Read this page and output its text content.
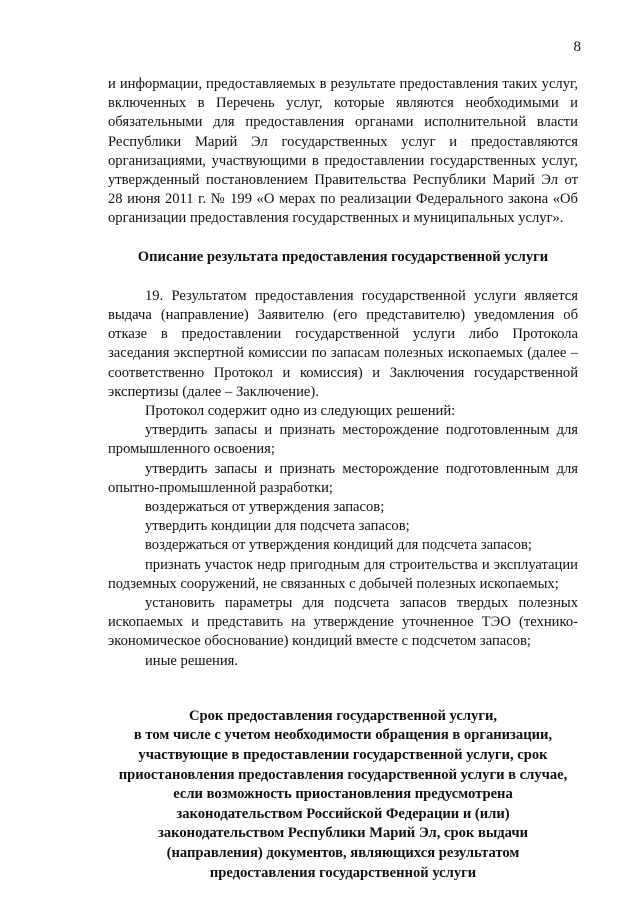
8

и информации, предоставляемых в результате предоставления таких услуг, включенных в Перечень услуг, которые являются необходимыми и обязательными для предоставления органами исполнительной власти Республики Марий Эл государственных услуг и предоставляются организациями, участвующими в предоставлении государственных услуг, утвержденный постановлением Правительства Республики Марий Эл от 28 июня 2011 г. № 199 «О мерах по реализации Федерального закона «Об организации предоставления государственных и муниципальных услуг».

Описание результата предоставления государственной услуги

19. Результатом предоставления государственной услуги является выдача (направление) Заявителю (его представителю) уведомления об отказе в предоставлении государственной услуги либо Протокола заседания экспертной комиссии по запасам полезных ископаемых (далее – соответственно Протокол и комиссия) и Заключения государственной экспертизы (далее – Заключение).

Протокол содержит одно из следующих решений:

утвердить запасы и признать месторождение подготовленным для промышленного освоения;

утвердить запасы и признать месторождение подготовленным для опытно-промышленной разработки;

воздержаться от утверждения запасов;

утвердить кондиции для подсчета запасов;

воздержаться от утверждения кондиций для подсчета запасов;

признать участок недр пригодным для строительства и эксплуатации подземных сооружений, не связанных с добычей полезных ископаемых;

установить параметры для подсчета запасов твердых полезных ископаемых и представить на утверждение уточненное ТЭО (технико-экономическое обоснование) кондиций вместе с подсчетом запасов;

иные решения.

Срок предоставления государственной услуги,
в том числе с учетом необходимости обращения в организации,
участвующие в предоставлении государственной услуги, срок
приостановления предоставления государственной услуги в случае,
если возможность приостановления предусмотрена
законодательством Российской Федерации и (или)
законодательством Республики Марий Эл, срок выдачи
(направления) документов, являющихся результатом
предоставления государственной услуги
